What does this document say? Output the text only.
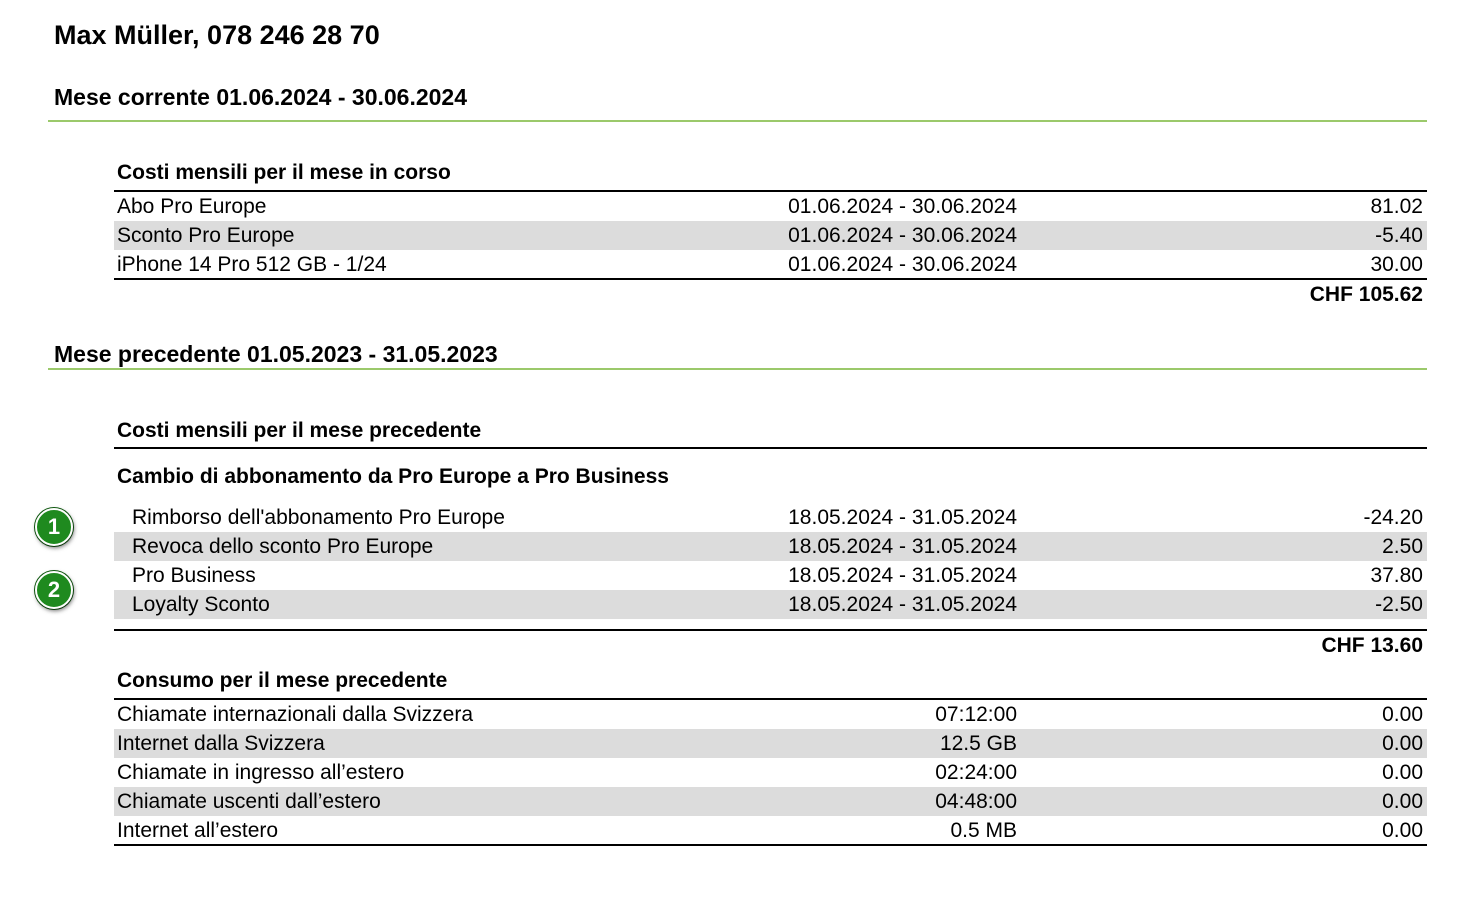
Max Müller, 078 246 28 70
Mese corrente 01.06.2024 - 30.06.2024
Costi mensili per il mese in corso
Abo Pro Europe	01.06.2024 - 30.06.2024	81.02
Sconto Pro Europe	01.06.2024 - 30.06.2024	-5.40
iPhone 14 Pro 512 GB - 1/24	01.06.2024 - 30.06.2024	30.00
CHF 105.62
Mese precedente 01.05.2023 - 31.05.2023
Costi mensili per il mese precedente
Cambio di abbonamento da Pro Europe a Pro Business
1
2
Rimborso dell'abbonamento Pro Europe	18.05.2024 - 31.05.2024	-24.20
Revoca dello sconto Pro Europe	18.05.2024 - 31.05.2024	2.50
Pro Business	18.05.2024 - 31.05.2024	37.80
Loyalty Sconto	18.05.2024 - 31.05.2024	-2.50
CHF 13.60
Consumo per il mese precedente
Chiamate internazionali dalla Svizzera	07:12:00	0.00
Internet dalla Svizzera	12.5 GB	0.00
Chiamate in ingresso all’estero	02:24:00	0.00
Chiamate uscenti dall’estero	04:48:00	0.00
Internet all’estero	0.5 MB	0.00
